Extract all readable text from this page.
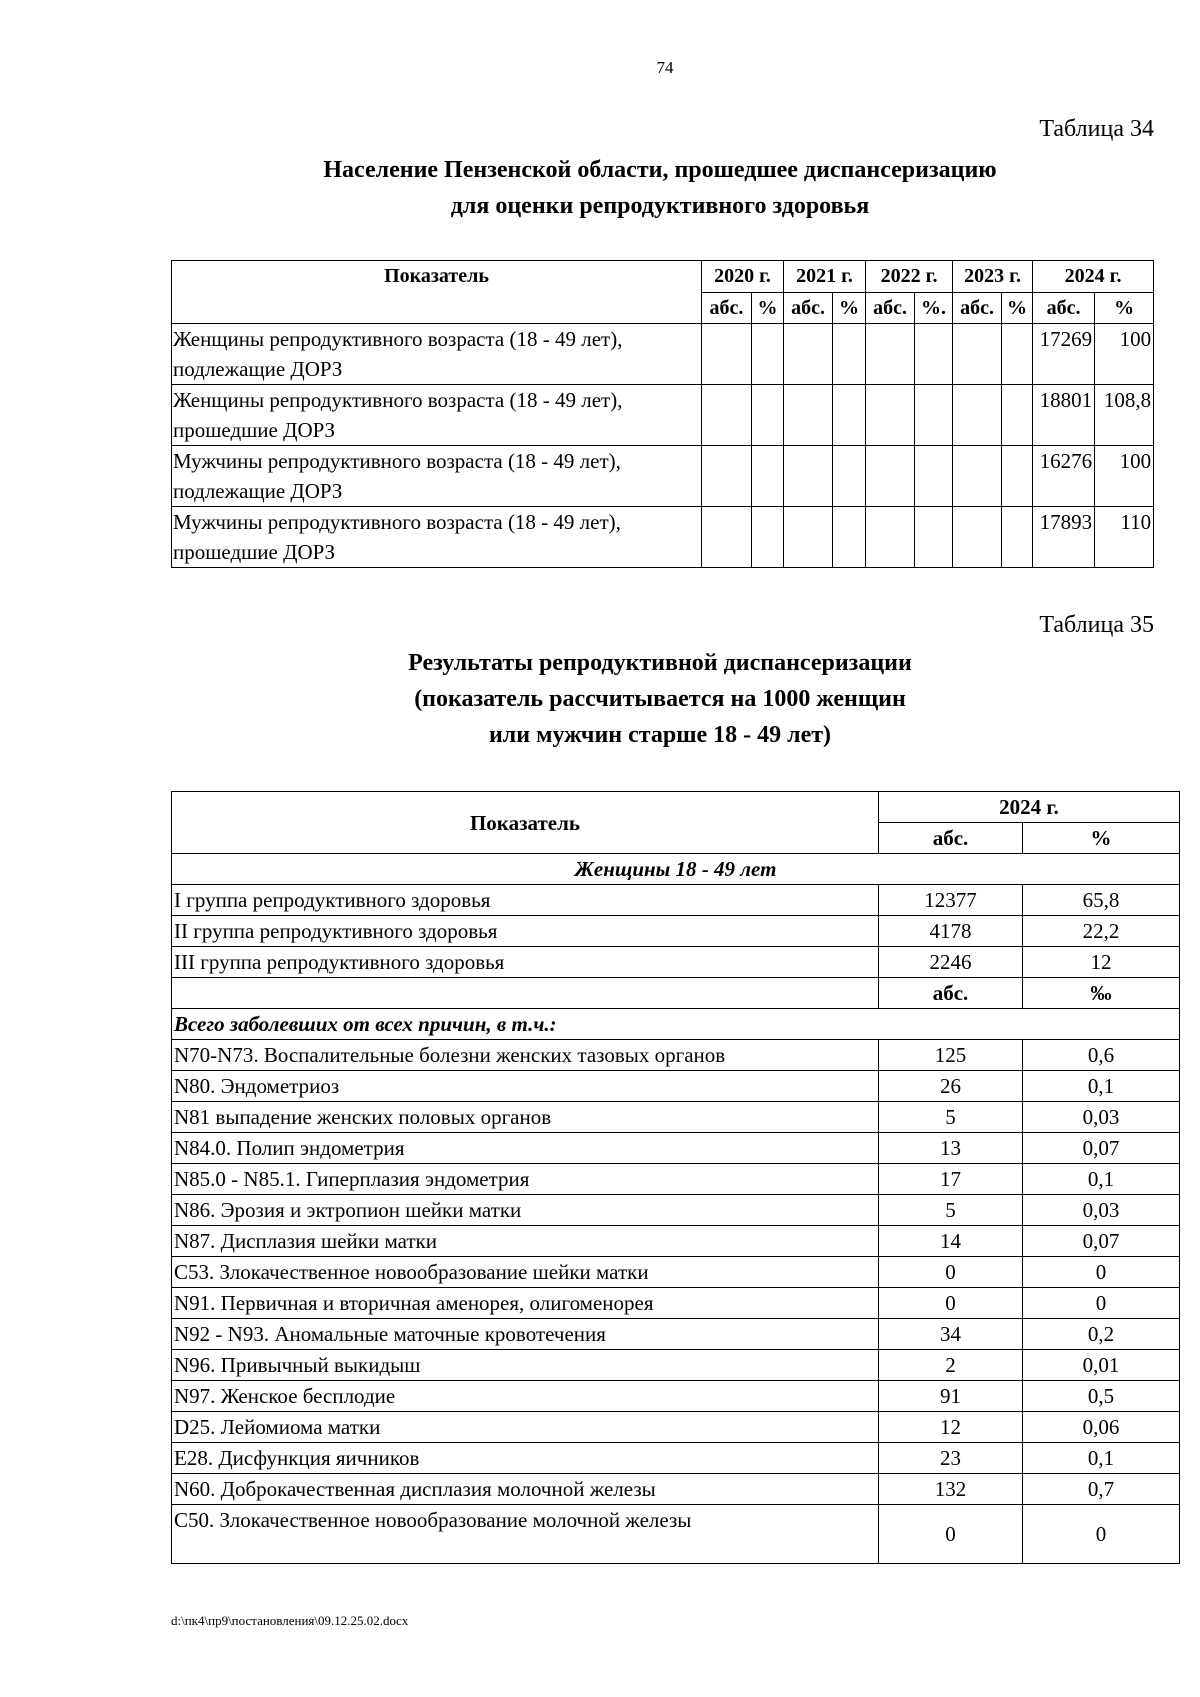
74
Таблица 34
Население Пензенской области, прошедшее диспансеризацию
для оценки репродуктивного здоровья
Показатель	2020 г.		2021 г.		2022 г.		2023 г.		2024 г.	
	абс.	%	абс.	%	абс.	%.	абс.	%	абс.	%
Женщины репродуктивного возраста (18 - 49 лет), подлежащие ДОРЗ									17269	100
Женщины репродуктивного возраста (18 - 49 лет), прошедшие ДОРЗ									18801	108,8
Мужчины репродуктивного возраста (18 - 49 лет), подлежащие ДОРЗ									16276	100
Мужчины репродуктивного возраста (18 - 49 лет), прошедшие ДОРЗ									17893	110
Таблица 35
Результаты репродуктивной диспансеризации
(показатель рассчитывается на 1000 женщин
или мужчин старше 18 - 49 лет)
Показатель	2024 г.	
	абс.	%
Женщины 18 - 49 лет		
I группа репродуктивного здоровья	12377	65,8
II группа репродуктивного здоровья	4178	22,2
III группа репродуктивного здоровья	2246	12
	абс.	‰
Всего заболевших от всех причин, в т.ч.:		
N70-N73. Воспалительные болезни женских тазовых органов	125	0,6
N80. Эндометриоз	26	0,1
N81 выпадение женских половых органов	5	0,03
N84.0. Полип эндометрия	13	0,07
N85.0 - N85.1. Гиперплазия эндометрия	17	0,1
N86. Эрозия и эктропион шейки матки	5	0,03
N87. Дисплазия шейки матки	14	0,07
C53. Злокачественное новообразование шейки матки	0	0
N91. Первичная и вторичная аменорея, олигоменорея	0	0
N92 - N93. Аномальные маточные кровотечения	34	0,2
N96. Привычный выкидыш	2	0,01
N97. Женское бесплодие	91	0,5
D25. Лейомиома матки	12	0,06
E28. Дисфункция яичников	23	0,1
N60. Доброкачественная дисплазия молочной железы	132	0,7
C50. Злокачественное новообразование молочной железы	0	0
d:\пк4\пр9\постановления\09.12.25.02.docx
